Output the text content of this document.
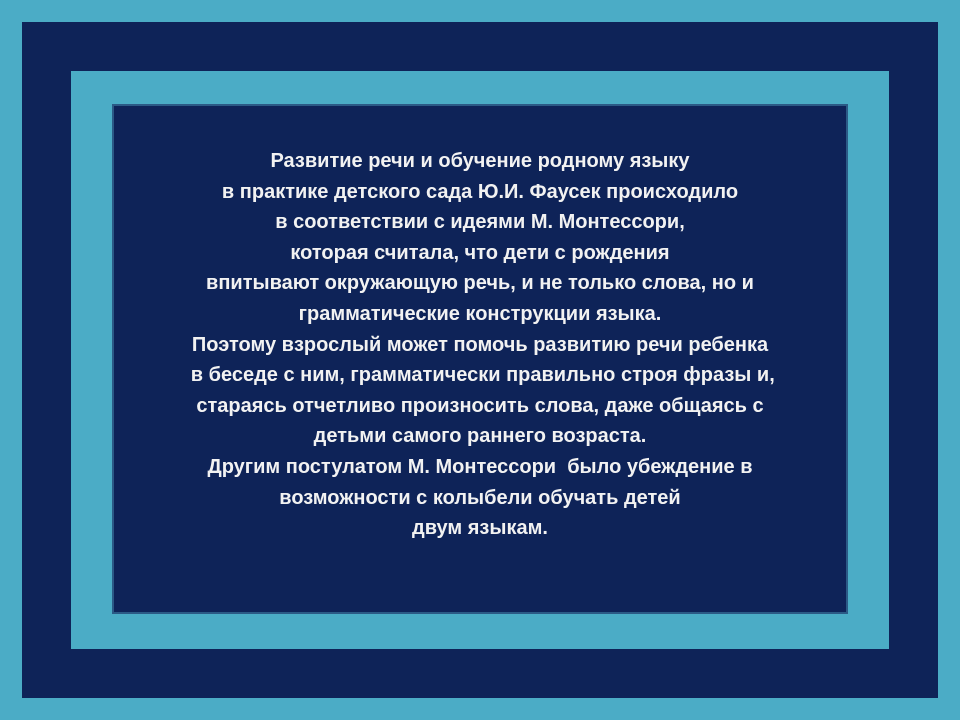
Развитие речи и обучение родному языку
в практике детского сада Ю.И. Фаусек происходило
в соответствии с идеями М. Монтессори,
которая считала, что дети с рождения
впитывают окружающую речь, и не только слова, но и
грамматические конструкции языка.
Поэтому взрослый может помочь развитию речи ребенка
в беседе с ним, грамматически правильно строя фразы и,
стараясь отчетливо произносить слова, даже общаясь с
детьми самого раннего возраста.
Другим постулатом М. Монтессори  было убеждение в
возможности с колыбели обучать детей
двум языкам.
